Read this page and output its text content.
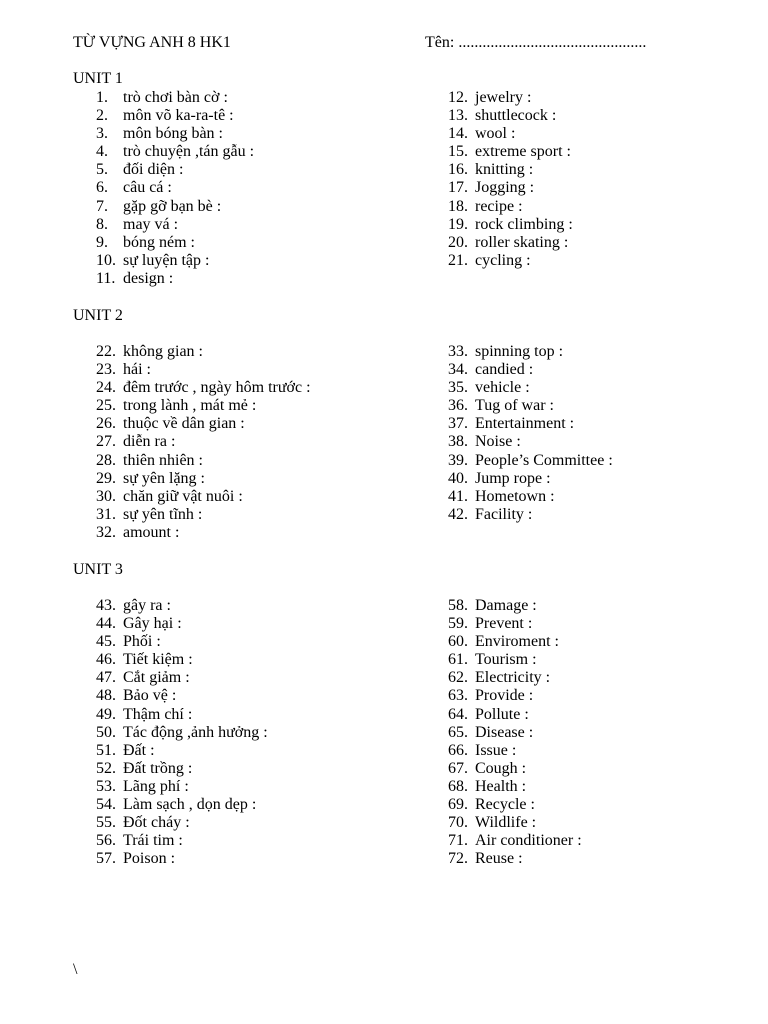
TỪ VỰNG ANH 8 HK1	Tên: ...............................................
UNIT 1
1. trò chơi bàn cờ :
2. môn võ ka-ra-tê :
3. môn bóng bàn :
4. trò chuyện ,tán gẫu :
5. đối diện :
6. câu cá :
7. gặp gỡ bạn bè :
8. may vá :
9. bóng ném :
10. sự luyện tập :
11. design :
12. jewelry :
13. shuttlecock :
14. wool :
15. extreme sport :
16. knitting :
17. Jogging :
18. recipe :
19. rock climbing :
20. roller skating :
21. cycling :
UNIT 2
22. không gian :
23. hái :
24. đêm trước , ngày hôm trước :
25. trong lành , mát mẻ :
26. thuộc về dân gian :
27. diễn ra :
28. thiên nhiên :
29. sự yên lặng :
30. chăn giữ vật nuôi :
31. sự yên tĩnh :
32. amount :
33. spinning top :
34. candied :
35. vehicle :
36. Tug of war :
37. Entertainment :
38. Noise :
39. People’s Committee :
40. Jump rope :
41. Hometown :
42. Facility :
UNIT 3
43. gây ra :
44. Gây hại :
45. Phối :
46. Tiết kiệm :
47. Cắt giảm :
48. Bảo vệ :
49. Thậm chí :
50. Tác động ,ảnh hưởng :
51. Đất :
52. Đất trồng :
53. Lãng phí :
54. Làm sạch , dọn dẹp :
55. Đốt cháy :
56. Trái tim :
57. Poison :
58. Damage :
59. Prevent :
60. Enviroment :
61. Tourism :
62. Electricity :
63. Provide :
64. Pollute :
65. Disease :
66. Issue :
67. Cough :
68. Health :
69. Recycle :
70. Wildlife :
71. Air conditioner :
72. Reuse :
\
